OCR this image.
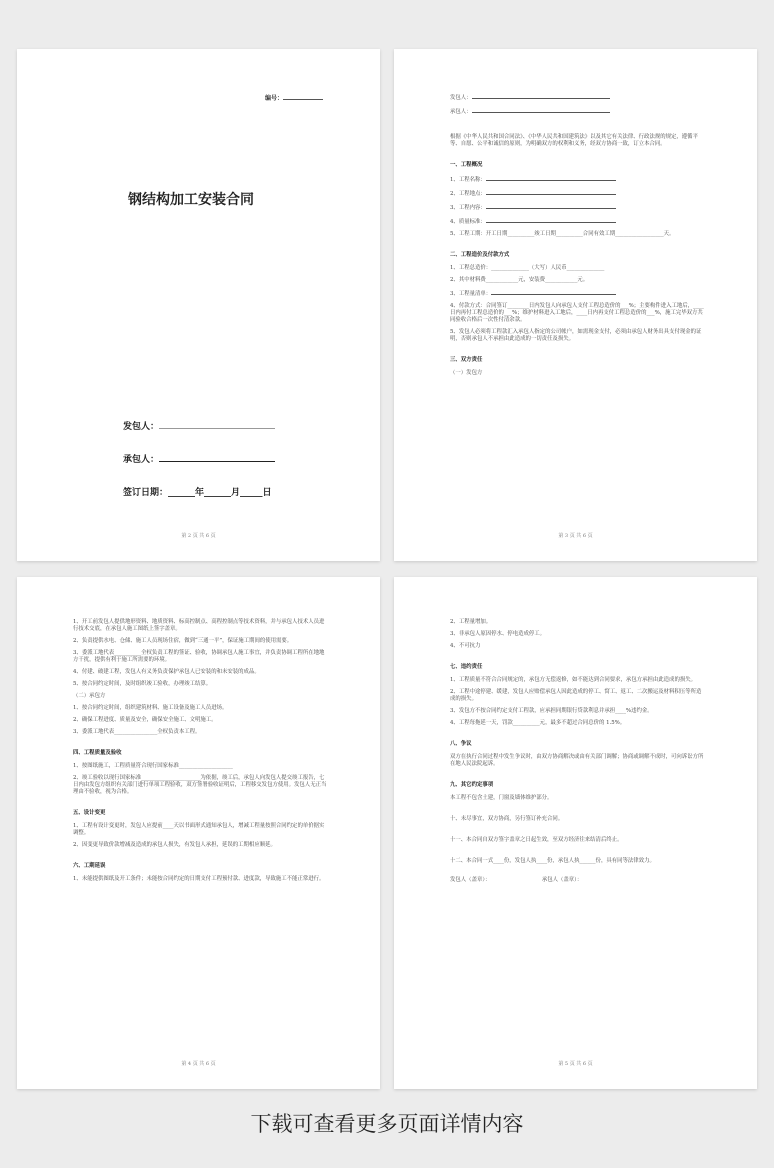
编号：
钢结构加工安装合同
发包人：
承包人：
签订日期：______年______月_____日
第 2 页 共 6 页

发包人：

承包人：

根据《中华人民共和国合同法》、《中华人民共和国建筑法》以及其它有关法律、行政法规的规定，遵循平等、自愿、公平和诚信的原则，为明确双方的权利和义务，经双方协商一致，订立本合同。

一、工程概况

1、工程名称：

2、工程地点：

3、工程内容：

4、质量标准：

5、工程工期：开工日期__________竣工日期__________合同有效工期__________________天。

二、工程造价及付款方式

1、工程总造价：______________（大写）人民币______________

2、其中材料费____________元，安装费____________元。

3、工程量清单：

4、付款方式：合同签订________日内发包人向承包人支付工程总造价的___%；主要构件进入工地后，____日内再付工程总造价的___%；维护材料进入工地后，____日内再支付工程总造价的___%，施工完毕双方共同验收合格后一次性付清余款。

5、发包人必须将工程款汇入承包人指定的公司帐户，如需现金支付，必须由承包人财务出具支付现金的证明，否则承包人不承担由此造成的一切责任及损失。

三、双方责任

（一）发包方

第 3 页 共 6 页

1、开工前发包人提供地形资料、地质资料、标高控制点、高程控制点等技术资料，并与承包人技术人员进行技术交底，在承包人施工图纸上签字盖章。

2、负责提供水电、仓储、施工人员现场住宿，做到“三通一平”，保证施工期间的使用需要。

3、委派工地代表__________全权负责工程的签证、验收，协调承包人施工事宜，并负责协调工程所在地地方干扰，提供有利于施工所需要的环境。

4、付建、破建工程，发包人有义务负责保护承包人已安装的和未安装的成品。

5、按合同约定时间，及时组织竣工验收，办理竣工结算。

（二）承包方

1、按合同约定时间，组织建筑材料、施工设备及施工人员进场。

2、确保工程进度、质量及安全，确保安全施工、文明施工。

3、委派工地代表________________全权负责本工程。

四、工程质量及验收

1、按图纸施工，工程质量符合现行国家标准____________________

2、竣工验收以现行国家标准______________________为依据，竣工后，承包人向发包人提交竣工报告，七日内由发包方组织有关部门进行单项工程验收，双方签署验收证明后，工程移交发包方使用。发包人无正当理由不验收，视为合格。

五、设计变更

1、工程有设计变更时，发包人应提前____天以书面形式通知承包人，增减工程量按照合同约定的单价据实调整。

2、因变更导致价款增减及造成的承包人损失，有发包人承担，延误的工期相应顺延。

六、工期延误

1、未能提供图纸及开工条件；未能按合同约定的日期支付工程预付款、进度款，导致施工不能正常进行。

第 4 页 共 6 页

2、工程量增加。

3、非承包人原因停水、停电造成停工。

4、不可抗力

七、违约责任

1、工程质量不符合合同规定的，承包方无偿返修，如不能达到合同要求，承包方承担由此造成的损失。

2、工程中途停建、缓建，发包人应赔偿承包人因此造成的停工、窝工、返工、二次搬运及材料积压等所造成的损失。

3、发包方不按合同约定支付工程款，应承担同期银行贷款利息并承担____%违约金。

4、工程每拖延一天，罚款__________元，最多不超过合同总价的 1.5%。

八、争议

双方在执行合同过程中发生争议时，由双方协商解决或由有关部门调解；协商或调解不成时，可向诉讼方所在地人民法院起诉。

九、其它约定事项

本工程不包含土建，门窗及墙体维护部分。

十、未尽事宜，双方协商，另行签订补充合同。

十一、本合同自双方签字盖章之日起生效，至双方经济往来结清后终止。

十二、本合同一式____份，发包人执____份，承包人执______份，具有同等法律效力。

发包人（盖章）：                              承包人（盖章）：

第 5 页 共 6 页
下载可查看更多页面详情内容
